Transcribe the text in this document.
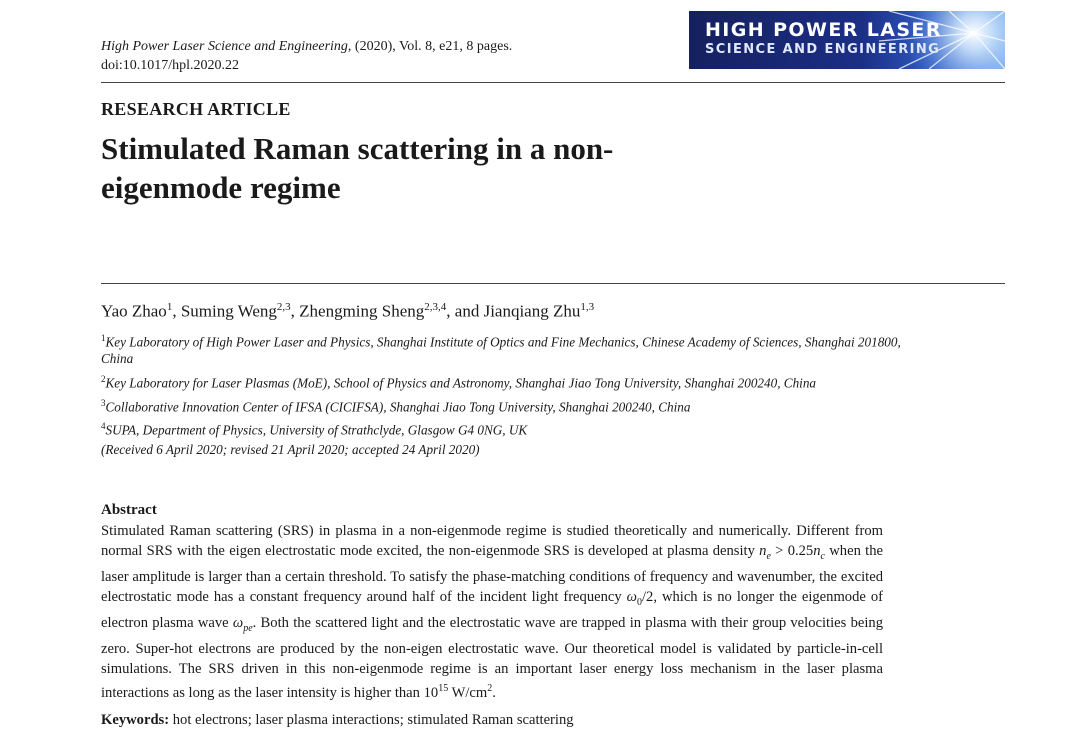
High Power Laser Science and Engineering, (2020), Vol. 8, e21, 8 pages.
doi:10.1017/hpl.2020.22
HIGH POWER LASER
SCIENCE AND ENGINEERING
RESEARCH ARTICLE
Stimulated Raman scattering in a non-eigenmode regime
Yao Zhao$^1$, Suming Weng$^{2,3}$, Zhengming Sheng$^{2,3,4}$, and Jianqiang Zhu$^{1,3}$
$^1$Key Laboratory of High Power Laser and Physics, Shanghai Institute of Optics and Fine Mechanics, Chinese Academy of Sciences, Shanghai 201800, China
$^2$Key Laboratory for Laser Plasmas (MoE), School of Physics and Astronomy, Shanghai Jiao Tong University, Shanghai 200240, China
$^3$Collaborative Innovation Center of IFSA (CICIFSA), Shanghai Jiao Tong University, Shanghai 200240, China
$^4$SUPA, Department of Physics, University of Strathclyde, Glasgow G4 0NG, UK
(Received 6 April 2020; revised 21 April 2020; accepted 24 April 2020)
Abstract

Stimulated Raman scattering (SRS) in plasma in a non-eigenmode regime is studied theoretically and numerically. Different from normal SRS with the eigen electrostatic mode excited, the non-eigenmode SRS is developed at plasma density $n_e > 0.25n_c$ when the laser amplitude is larger than a certain threshold. To satisfy the phase-matching conditions of frequency and wavenumber, the excited electrostatic mode has a constant frequency around half of the incident light frequency $\omega_0/2$, which is no longer the eigenmode of electron plasma wave $\omega_{pe}$. Both the scattered light and the electrostatic wave are trapped in plasma with their group velocities being zero. Super-hot electrons are produced by the non-eigen electrostatic wave. Our theoretical model is validated by particle-in-cell simulations. The SRS driven in this non-eigenmode regime is an important laser energy loss mechanism in the laser plasma interactions as long as the laser intensity is higher than $10^{15}$ $W/cm^2$.

Keywords: hot electrons; laser plasma interactions; stimulated Raman scattering
